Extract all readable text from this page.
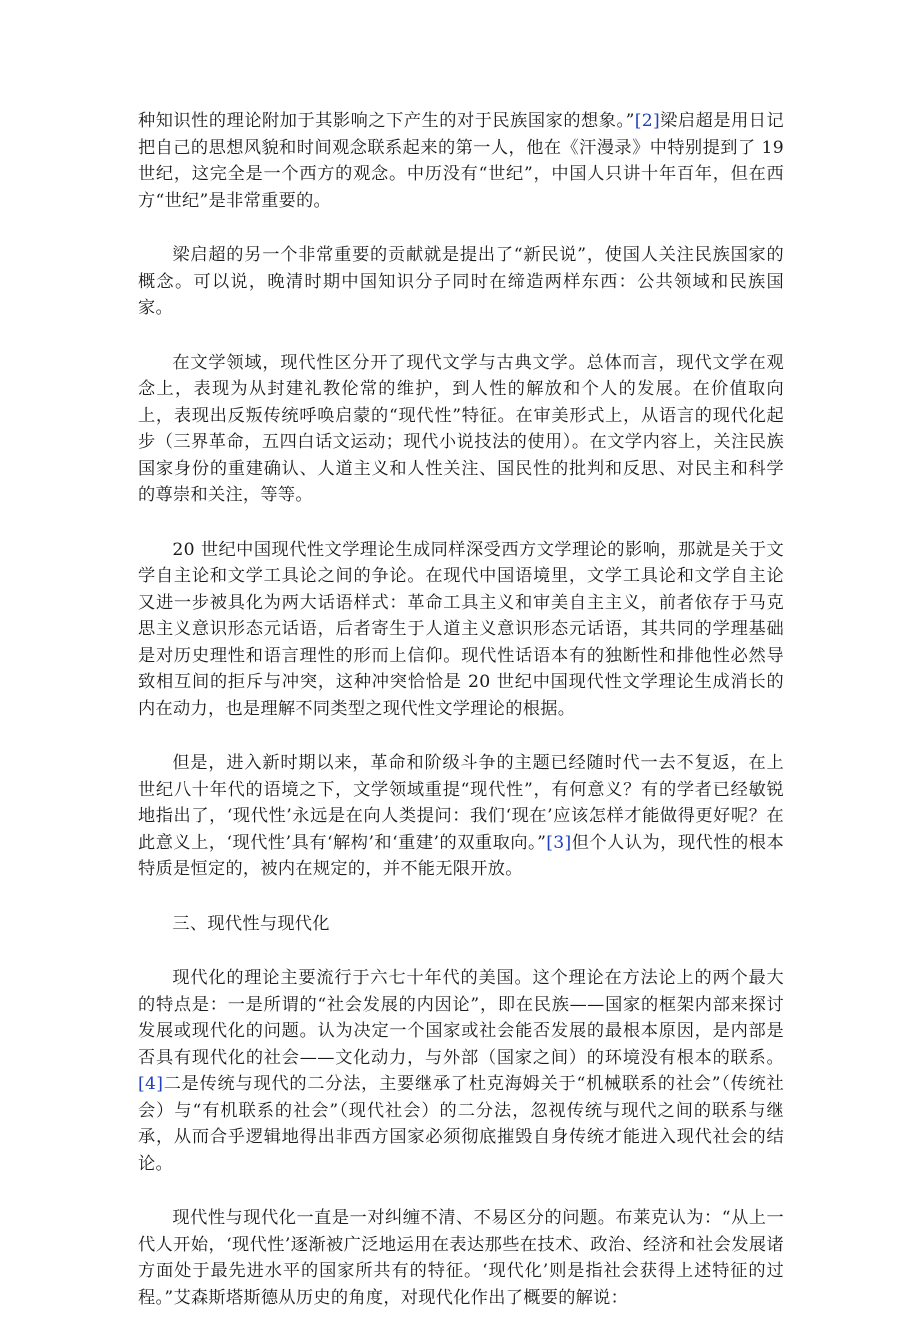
种知识性的理论附加于其影响之下产生的对于民族国家的想象。”[2]梁启超是用日记把自己的思想风貌和时间观念联系起来的第一人，他在《汗漫录》中特别提到了 19 世纪，这完全是一个西方的观念。中历没有“世纪”，中国人只讲十年百年，但在西方“世纪”是非常重要的。

梁启超的另一个非常重要的贡献就是提出了“新民说”，使国人关注民族国家的概念。可以说，晚清时期中国知识分子同时在缔造两样东西：公共领域和民族国家。

在文学领域，现代性区分开了现代文学与古典文学。总体而言，现代文学在观念上，表现为从封建礼教伦常的维护，到人性的解放和个人的发展。在价值取向上，表现出反叛传统呼唤启蒙的“现代性”特征。在审美形式上，从语言的现代化起步（三界革命，五四白话文运动；现代小说技法的使用）。在文学内容上，关注民族国家身份的重建确认、人道主义和人性关注、国民性的批判和反思、对民主和科学的尊崇和关注，等等。

20 世纪中国现代性文学理论生成同样深受西方文学理论的影响，那就是关于文学自主论和文学工具论之间的争论。在现代中国语境里，文学工具论和文学自主论又进一步被具化为两大话语样式：革命工具主义和审美自主主义，前者依存于马克思主义意识形态元话语，后者寄生于人道主义意识形态元话语，其共同的学理基础是对历史理性和语言理性的形而上信仰。现代性话语本有的独断性和排他性必然导致相互间的拒斥与冲突，这种冲突恰恰是 20 世纪中国现代性文学理论生成消长的内在动力，也是理解不同类型之现代性文学理论的根据。

但是，进入新时期以来，革命和阶级斗争的主题已经随时代一去不复返，在上世纪八十年代的语境之下，文学领域重提“现代性”，有何意义？有的学者已经敏锐地指出了，‘现代性’永远是在向人类提问：我们‘现在’应该怎样才能做得更好呢？在此意义上，‘现代性’具有‘解构’和‘重建’的双重取向。”[3]但个人认为，现代性的根本特质是恒定的，被内在规定的，并不能无限开放。

三、现代性与现代化

现代化的理论主要流行于六七十年代的美国。这个理论在方法论上的两个最大的特点是：一是所谓的“社会发展的内因论”，即在民族——国家的框架内部来探讨发展或现代化的问题。认为决定一个国家或社会能否发展的最根本原因，是内部是否具有现代化的社会——文化动力，与外部（国家之间）的环境没有根本的联系。[4]二是传统与现代的二分法，主要继承了杜克海姆关于“机械联系的社会”（传统社会）与“有机联系的社会”（现代社会）的二分法，忽视传统与现代之间的联系与继承，从而合乎逻辑地得出非西方国家必须彻底摧毁自身传统才能进入现代社会的结论。

现代性与现代化一直是一对纠缠不清、不易区分的问题。布莱克认为：“从上一代人开始，‘现代性’逐渐被广泛地运用在表达那些在技术、政治、经济和社会发展诸方面处于最先进水平的国家所共有的特征。‘现代化’则是指社会获得上述特征的过程。”艾森斯塔斯德从历史的角度，对现代化作出了概要的解说：
